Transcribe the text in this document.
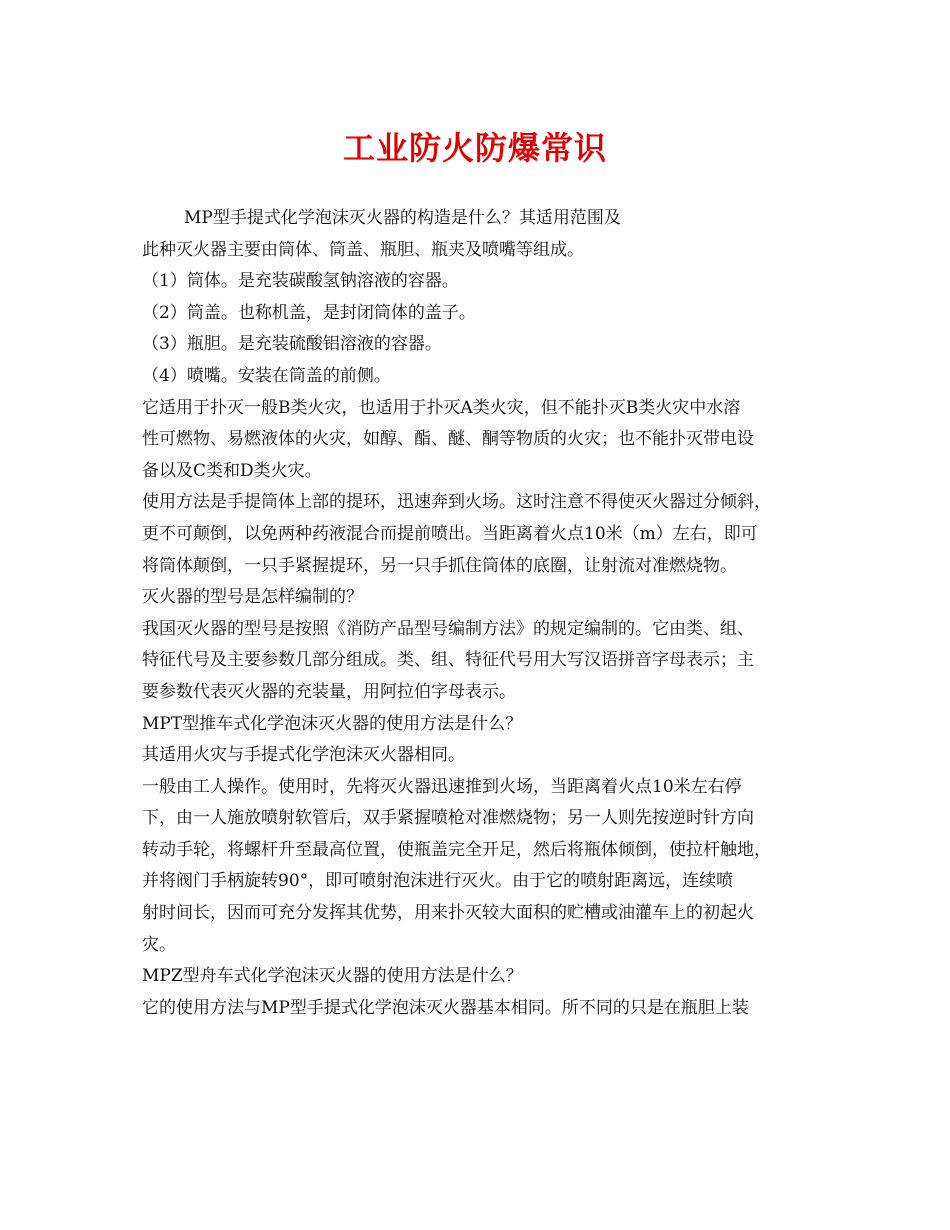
工业防火防爆常识
MP型手提式化学泡沫灭火器的构造是什么？其适用范围及
此种灭火器主要由筒体、筒盖、瓶胆、瓶夹及喷嘴等组成。
（1）筒体。是充装碳酸氢钠溶液的容器。
（2）筒盖。也称机盖，是封闭筒体的盖子。
（3）瓶胆。是充装硫酸铝溶液的容器。
（4）喷嘴。安装在筒盖的前侧。
它适用于扑灭一般B类火灾，也适用于扑灭A类火灾，但不能扑灭B类火灾中水溶
性可燃物、易燃液体的火灾，如醇、酯、醚、酮等物质的火灾；也不能扑灭带电设
备以及C类和D类火灾。
使用方法是手提筒体上部的提环，迅速奔到火场。这时注意不得使灭火器过分倾斜，
更不可颠倒，以免两种药液混合而提前喷出。当距离着火点10米（m）左右，即可
将筒体颠倒，一只手紧握提环，另一只手抓住筒体的底圈，让射流对准燃烧物。
灭火器的型号是怎样编制的？
我国灭火器的型号是按照《消防产品型号编制方法》的规定编制的。它由类、组、
特征代号及主要参数几部分组成。类、组、特征代号用大写汉语拼音字母表示；主
要参数代表灭火器的充装量，用阿拉伯字母表示。
MPT型推车式化学泡沫灭火器的使用方法是什么？
其适用火灾与手提式化学泡沫灭火器相同。
一般由工人操作。使用时，先将灭火器迅速推到火场，当距离着火点10米左右停
下，由一人施放喷射软管后，双手紧握喷枪对准燃烧物；另一人则先按逆时针方向
转动手轮，将螺杆升至最高位置，使瓶盖完全开足，然后将瓶体倾倒，使拉杆触地，
并将阀门手柄旋转90°，即可喷射泡沫进行灭火。由于它的喷射距离远，连续喷
射时间长，因而可充分发挥其优势，用来扑灭较大面积的贮槽或油灌车上的初起火
灾。
MPZ型舟车式化学泡沫灭火器的使用方法是什么？
它的使用方法与MP型手提式化学泡沫灭火器基本相同。所不同的只是在瓶胆上装
